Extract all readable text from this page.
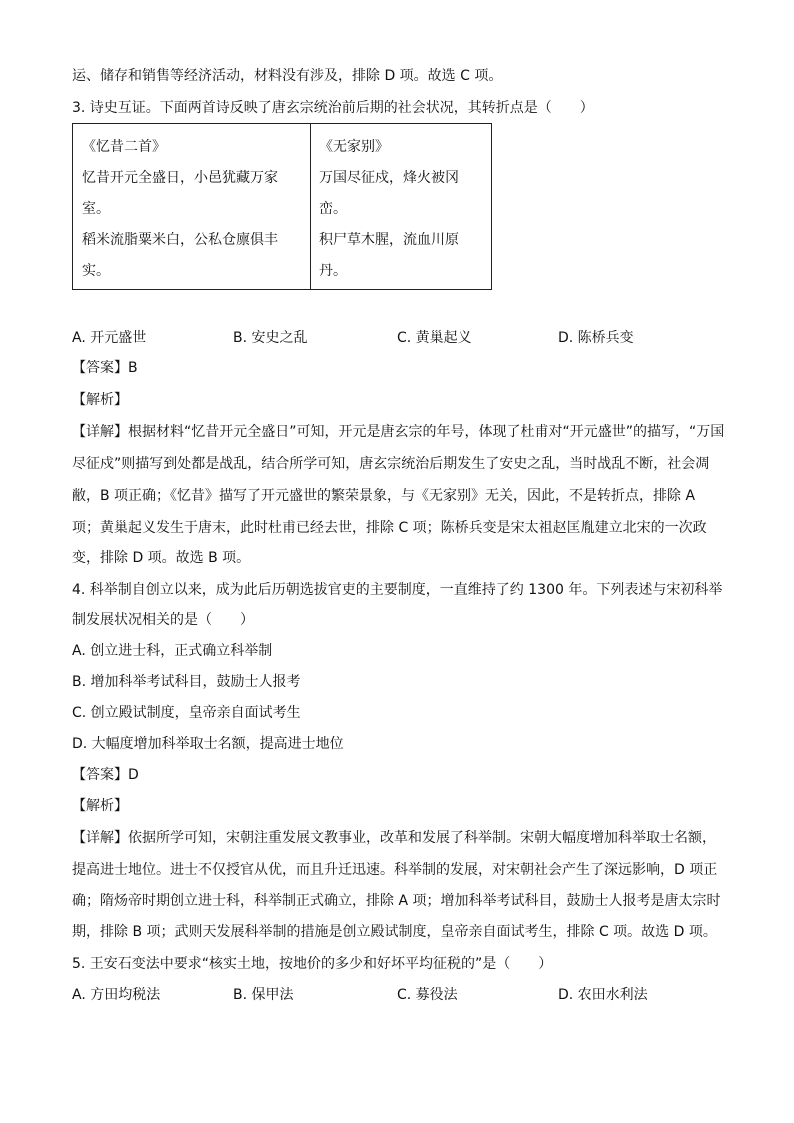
运、储存和销售等经济活动，材料没有涉及，排除 D 项。故选 C 项。
3. 诗史互证。下面两首诗反映了唐玄宗统治前后期的社会状况，其转折点是（　　）
《忆昔二首》
忆昔开元全盛日，小邑犹藏万家
室。
稻米流脂粟米白，公私仓廪俱丰
实。
《无家别》
万国尽征戍，烽火被冈
峦。
积尸草木腥，流血川原
丹。
A. 开元盛世	B. 安史之乱	C. 黄巢起义	D. 陈桥兵变
【答案】B
【解析】
【详解】根据材料“忆昔开元全盛日”可知，开元是唐玄宗的年号，体现了杜甫对“开元盛世”的描写，“万国
尽征戍”则描写到处都是战乱，结合所学可知，唐玄宗统治后期发生了安史之乱，当时战乱不断，社会凋
敝，B 项正确；《忆昔》描写了开元盛世的繁荣景象，与《无家别》无关，因此，不是转折点，排除 A
项；黄巢起义发生于唐末，此时杜甫已经去世，排除 C 项；陈桥兵变是宋太祖赵匡胤建立北宋的一次政
变，排除 D 项。故选 B 项。
4. 科举制自创立以来，成为此后历朝选拔官吏的主要制度，一直维持了约 1300 年。下列表述与宋初科举
制发展状况相关的是（　　）
A. 创立进士科，正式确立科举制
B. 增加科举考试科目，鼓励士人报考
C. 创立殿试制度，皇帝亲自面试考生
D. 大幅度增加科举取士名额，提高进士地位
【答案】D
【解析】
【详解】依据所学可知，宋朝注重发展文教事业，改革和发展了科举制。宋朝大幅度增加科举取士名额，
提高进士地位。进士不仅授官从优，而且升迁迅速。科举制的发展，对宋朝社会产生了深远影响，D 项正
确；隋炀帝时期创立进士科，科举制正式确立，排除 A 项；增加科举考试科目，鼓励士人报考是唐太宗时
期，排除 B 项；武则天发展科举制的措施是创立殿试制度，皇帝亲自面试考生，排除 C 项。故选 D 项。
5. 王安石变法中要求“核实土地，按地价的多少和好坏平均征税的”是（　　）
A. 方田均税法	B. 保甲法	C. 募役法	D. 农田水利法
